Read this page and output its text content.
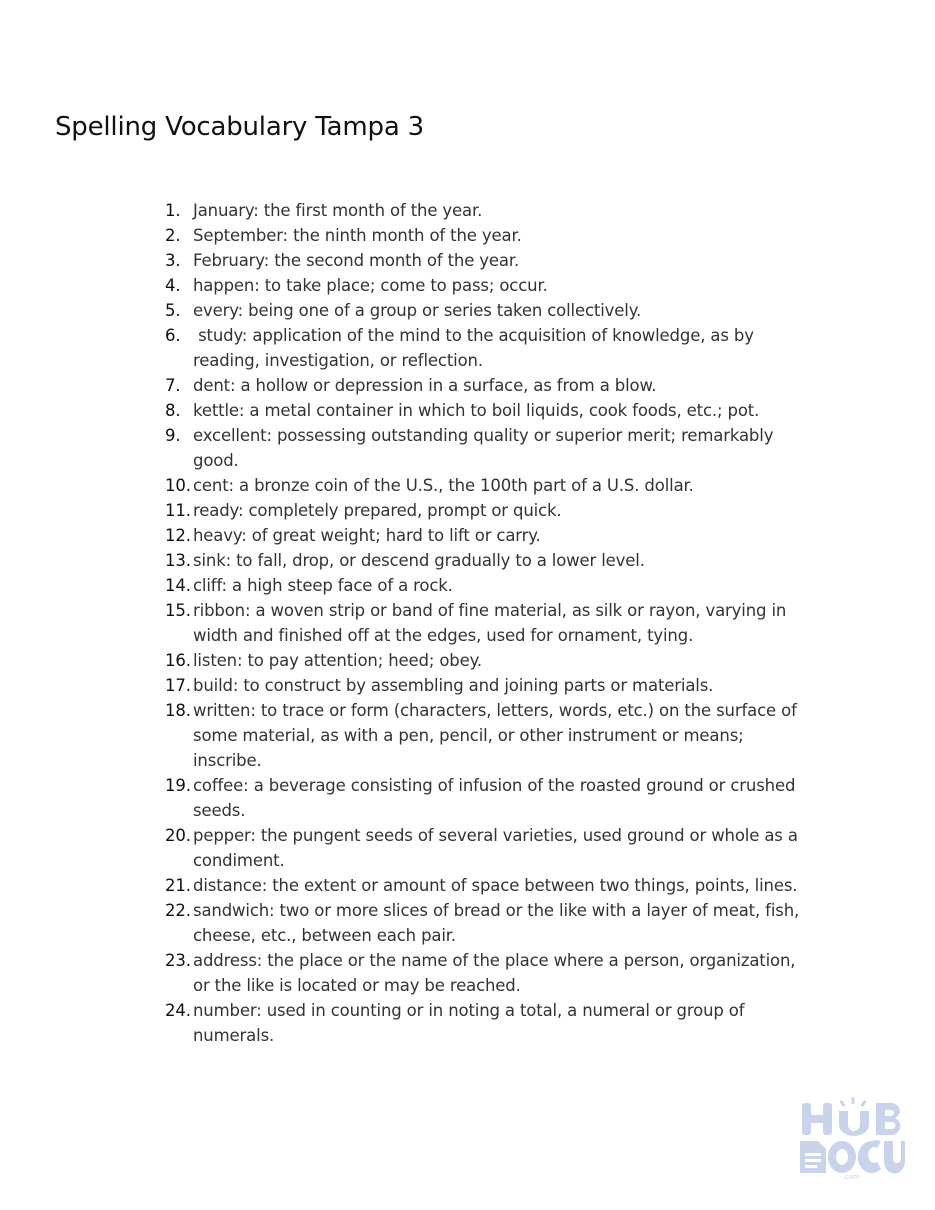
Spelling Vocabulary Tampa 3
1. January: the first month of the year.
2. September: the ninth month of the year.
3. February: the second month of the year.
4. happen: to take place; come to pass; occur.
5. every: being one of a group or series taken collectively.
6. study: application of the mind to the acquisition of knowledge, as by reading, investigation, or reflection.
7. dent: a hollow or depression in a surface, as from a blow.
8. kettle: a metal container in which to boil liquids, cook foods, etc.; pot.
9. excellent: possessing outstanding quality or superior merit; remarkably good.
10. cent: a bronze coin of the U.S., the 100th part of a U.S. dollar.
11. ready: completely prepared, prompt or quick.
12. heavy: of great weight; hard to lift or carry.
13. sink: to fall, drop, or descend gradually to a lower level.
14. cliff: a high steep face of a rock.
15. ribbon: a woven strip or band of fine material, as silk or rayon, varying in width and finished off at the edges, used for ornament, tying.
16. listen: to pay attention; heed; obey.
17. build: to construct by assembling and joining parts or materials.
18. written: to trace or form (characters, letters, words, etc.) on the surface of some material, as with a pen, pencil, or other instrument or means; inscribe.
19. coffee: a beverage consisting of infusion of the roasted ground or crushed seeds.
20. pepper: the pungent seeds of several varieties, used ground or whole as a condiment.
21. distance: the extent or amount of space between two things, points, lines.
22. sandwich: two or more slices of bread or the like with a layer of meat, fish, cheese, etc., between each pair.
23. address: the place or the name of the place where a person, organization, or the like is located or may be reached.
24. number: used in counting or in noting a total, a numeral or group of numerals.
.com
